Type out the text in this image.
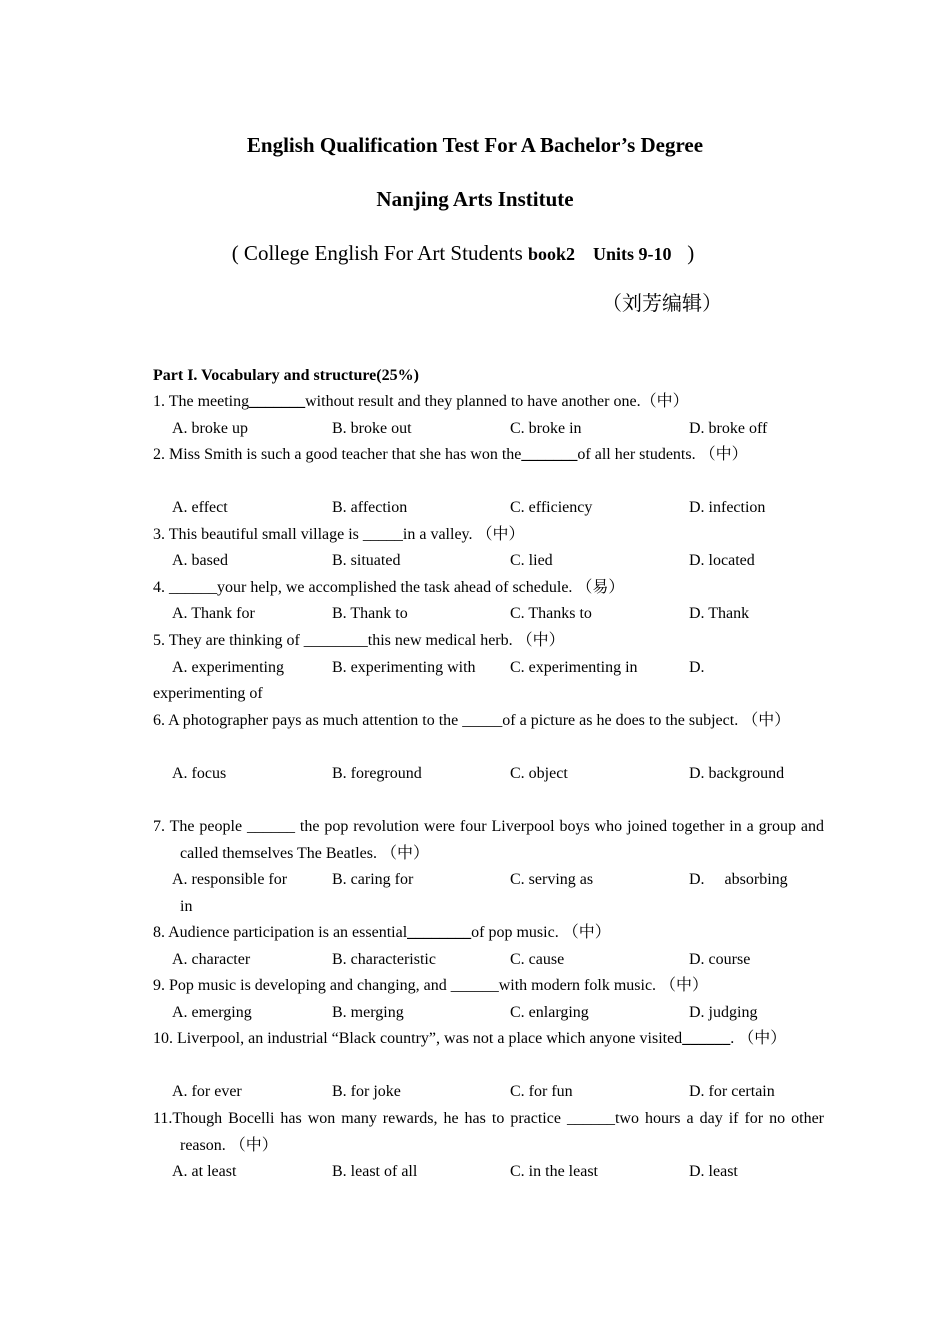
English Qualification Test For A Bachelor’s Degree
Nanjing Arts Institute
( College English For Art Students book2    Units 9-10   )
（刘芳编辑）
Part I. Vocabulary and structure(25%)
1. The meeting_______without result and they planned to have another one.（中）
A. broke up	B. broke out	C. broke in	D. broke off
2. Miss Smith is such a good teacher that she has won the_______of all her students. （中）
A. effect	B. affection	C. efficiency	D. infection
3. This beautiful small village is _____in a valley. （中）
A. based	B. situated	C. lied	D. located
4. ______your help, we accomplished the task ahead of schedule. （易）
A. Thank for	B. Thank to	C. Thanks to	D. Thank
5. They are thinking of ________this new medical herb. （中）
A. experimenting	B. experimenting with C. experimenting in	D.
experimenting of
6. A photographer pays as much attention to the _____of a picture as he does to the subject. （中）
A. focus	B. foreground	C. object	D. background
7. The people ______ the pop revolution were four Liverpool boys who joined together in a group and called themselves The Beatles. （中）
A. responsible for	B. caring for	C. serving as	D.     absorbing
in
8. Audience participation is an essential________of pop music. （中）
A. character	B. characteristic	C. cause	D. course
9. Pop music is developing and changing, and ______with modern folk music. （中）
A. emerging	B. merging	C. enlarging	D. judging
10. Liverpool, an industrial “Black country”, was not a place which anyone visited______. （中）
A. for ever	B. for joke	C. for fun	D. for certain
11.Though Bocelli has won many rewards, he has to practice ______two hours a day if for no other reason. （中）
A. at least	B. least of all	C. in the least	D. least
